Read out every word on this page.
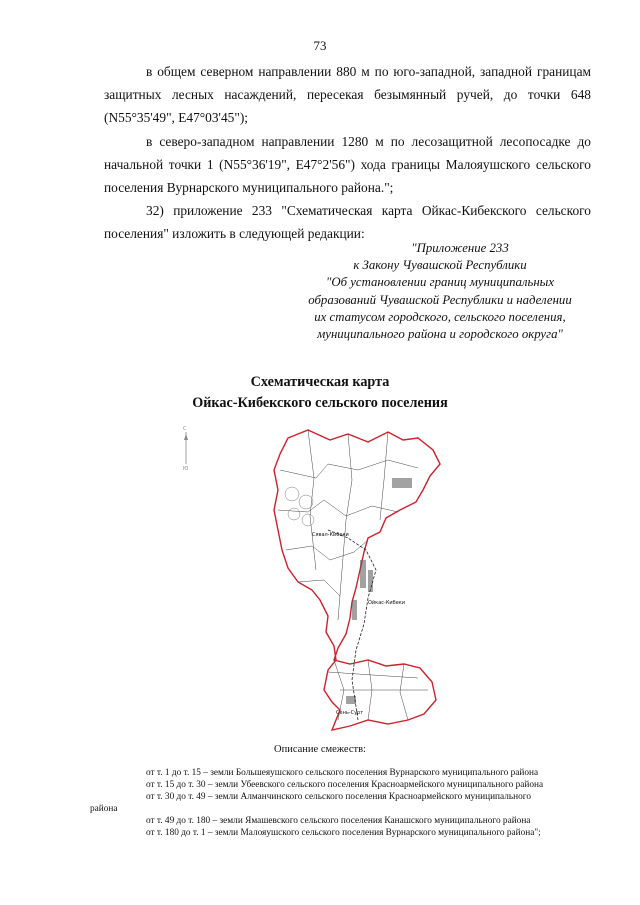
73

в общем северном направлении 880 м по юго-западной, западной границам защитных лесных насаждений, пересекая безымянный ручей, до точки 648 (N55°35'49", E47°03'45");

в северо-западном направлении 1280 м по лесозащитной лесопосадке до начальной точки 1 (N55°36'19", E47°2'56") хода границы Малояушского сельского поселения Вурнарского муниципального района.";

32) приложение 233 "Схематическая карта Ойкас-Кибекского сельского поселения" изложить в следующей редакции:

"Приложение 233
к Закону Чувашской Республики
"Об установлении границ муниципальных
образований Чувашской Республики и наделении
их статусом городского, сельского поселения,
муниципального района и городского округа"
Схематическая карта
Ойкас-Кибекского сельского поселения
С
Ю
Ойкас-Кибеки
Сявал-Кибеки
Сень-Сурт
Описание смежеств:
от т. 1 до т. 15 – земли Большеяушского сельского поселения Вурнарского муниципального района
от т. 15 до т. 30 – земли Убеевского сельского поселения Красноармейского муниципального района
от т. 30 до т. 49 – земли Алманчинского сельского поселения Красноармейского муниципального
района
от т. 49 до т. 180 – земли Ямашевского сельского поселения Канашского муниципального района
от т. 180 до т. 1 – земли Малояушского сельского поселения Вурнарского муниципального района";
